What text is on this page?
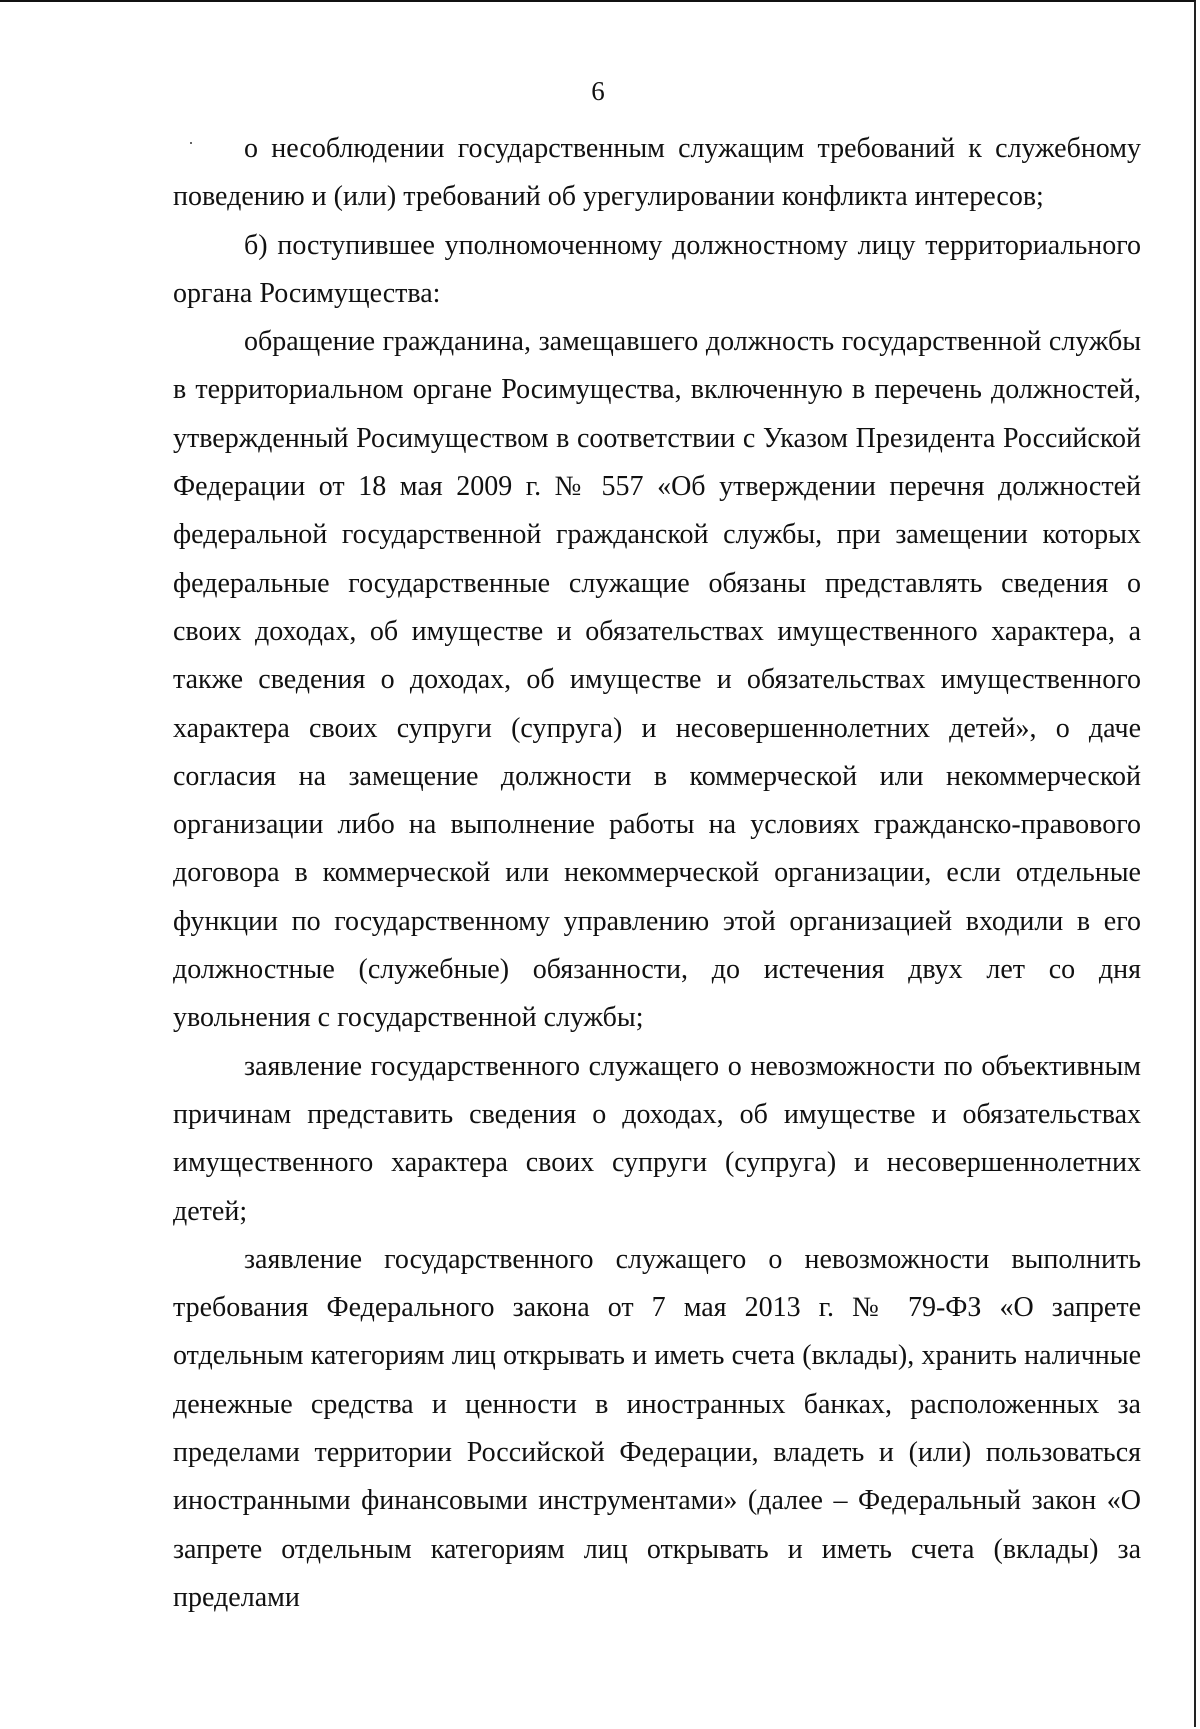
6

о несоблюдении государственным служащим требований к служебному поведению и (или) требований об урегулировании конфликта интересов;

б) поступившее уполномоченному должностному лицу территориального органа Росимущества:

обращение гражданина, замещавшего должность государственной службы в территориальном органе Росимущества, включенную в перечень должностей, утвержденный Росимуществом в соответствии с Указом Президента Российской Федерации от 18 мая 2009 г. № 557 «Об утверждении перечня должностей федеральной государственной гражданской службы, при замещении которых федеральные государственные служащие обязаны представлять сведения о своих доходах, об имуществе и обязательствах имущественного характера, а также сведения о доходах, об имуществе и обязательствах имущественного характера своих супруги (супруга) и несовершеннолетних детей», о даче согласия на замещение должности в коммерческой или некоммерческой организации либо на выполнение работы на условиях гражданско-правового договора в коммерческой или некоммерческой организации, если отдельные функции по государственному управлению этой организацией входили в его должностные (служебные) обязанности, до истечения двух лет со дня увольнения с государственной службы;

заявление государственного служащего о невозможности по объективным причинам представить сведения о доходах, об имуществе и обязательствах имущественного характера своих супруги (супруга) и несовершеннолетних детей;

заявление государственного служащего о невозможности выполнить требования Федерального закона от 7 мая 2013 г. № 79-ФЗ «О запрете отдельным категориям лиц открывать и иметь счета (вклады), хранить наличные денежные средства и ценности в иностранных банках, расположенных за пределами территории Российской Федерации, владеть и (или) пользоваться иностранными финансовыми инструментами» (далее – Федеральный закон «О запрете отдельным категориям лиц открывать и иметь счета (вклады) за пределами
